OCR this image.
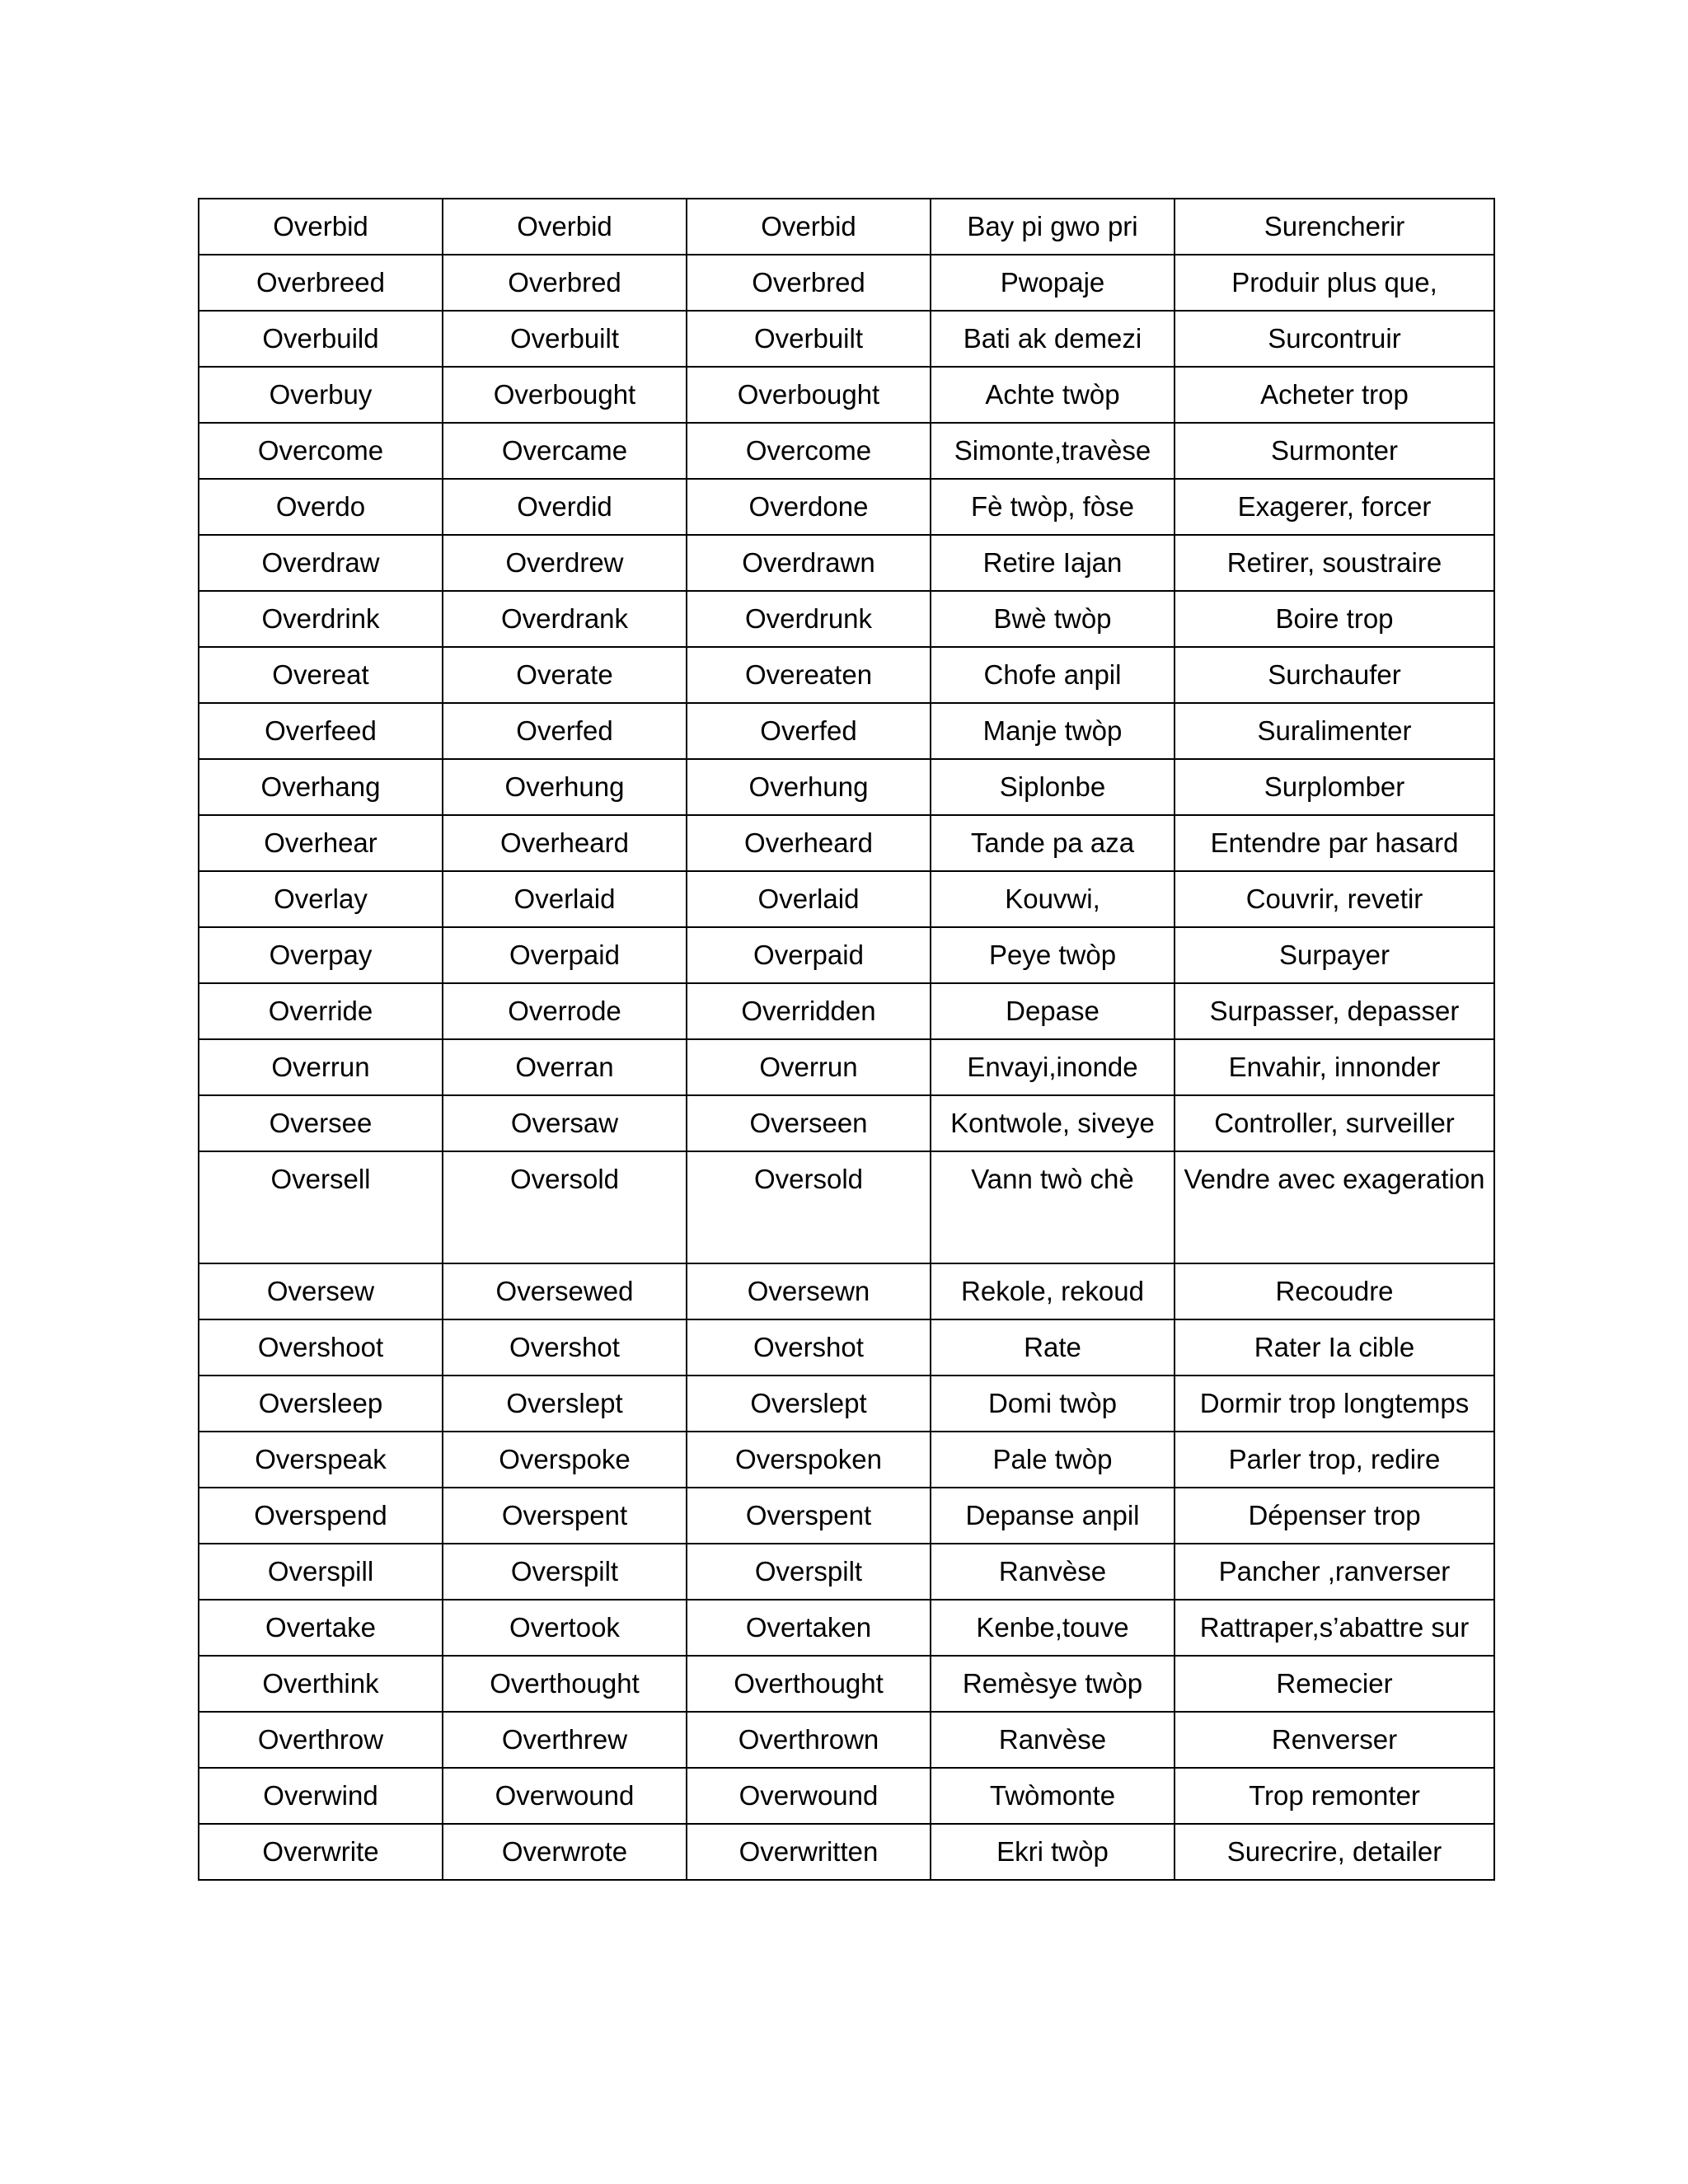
Overbid	Overbid	Overbid	Bay pi gwo pri	Surencherir
Overbreed	Overbred	Overbred	Pwopaje	Produir plus que,
Overbuild	Overbuilt	Overbuilt	Bati ak demezi	Surcontruir
Overbuy	Overbought	Overbought	Achte twòp	Acheter trop
Overcome	Overcame	Overcome	Simonte,travèse	Surmonter
Overdo	Overdid	Overdone	Fè twòp, fòse	Exagerer, forcer
Overdraw	Overdrew	Overdrawn	Retire Iajan	Retirer, soustraire
Overdrink	Overdrank	Overdrunk	Bwè twòp	Boire trop
Overeat	Overate	Overeaten	Chofe anpil	Surchaufer
Overfeed	Overfed	Overfed	Manje twòp	Suralimenter
Overhang	Overhung	Overhung	Siplonbe	Surplomber
Overhear	Overheard	Overheard	Tande pa aza	Entendre par hasard
Overlay	Overlaid	Overlaid	Kouvwi,	Couvrir, revetir
Overpay	Overpaid	Overpaid	Peye twòp	Surpayer
Override	Overrode	Overridden	Depase	Surpasser, depasser
Overrun	Overran	Overrun	Envayi,inonde	Envahir, innonder
Oversee	Oversaw	Overseen	Kontwole, siveye	Controller, surveiller
Oversell	Oversold	Oversold	Vann twò chè	Vendre avec exageration
Oversew	Oversewed	Oversewn	Rekole, rekoud	Recoudre
Overshoot	Overshot	Overshot	Rate	Rater Ia cible
Oversleep	Overslept	Overslept	Domi twòp	Dormir trop longtemps
Overspeak	Overspoke	Overspoken	Pale twòp	Parler trop, redire
Overspend	Overspent	Overspent	Depanse anpil	Dépenser trop
Overspill	Overspilt	Overspilt	Ranvèse	Pancher ,ranverser
Overtake	Overtook	Overtaken	Kenbe,touve	Rattraper,s’abattre sur
Overthink	Overthought	Overthought	Remèsye twòp	Remecier
Overthrow	Overthrew	Overthrown	Ranvèse	Renverser
Overwind	Overwound	Overwound	Twòmonte	Trop remonter
Overwrite	Overwrote	Overwritten	Ekri twòp	Surecrire, detailer
